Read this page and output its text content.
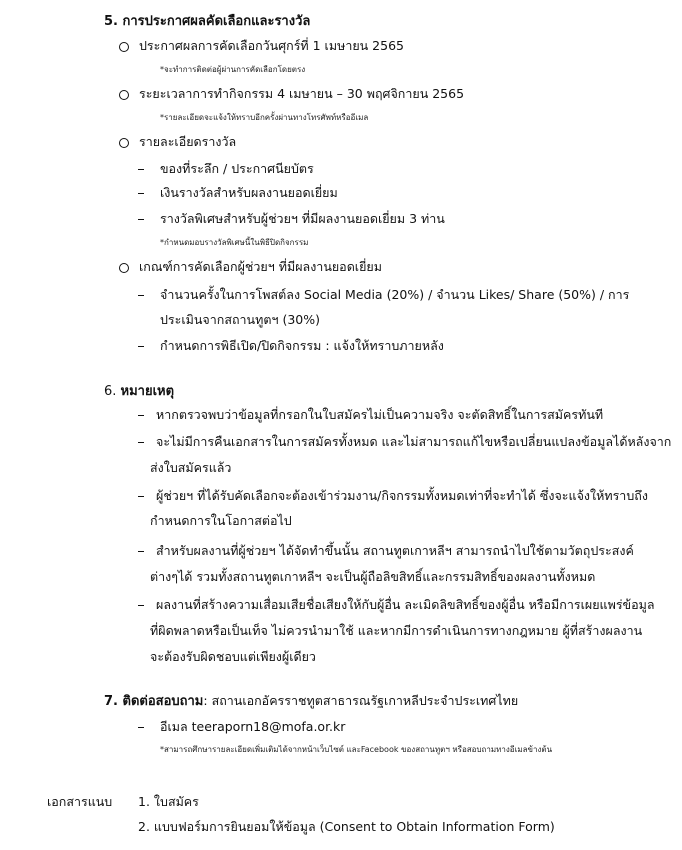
5. การประกาศผลคัดเลือกและรางวัล
ประกาศผลการคัดเลือกวันศุกร์ที่ 1 เมษายน 2565
*จะทำการติดต่อผู้ผ่านการคัดเลือกโดยตรง
ระยะเวลาการทำกิจกรรม 4 เมษายน – 30 พฤศจิกายน 2565
*รายละเอียดจะแจ้งให้ทราบอีกครั้งผ่านทางโทรศัพท์หรืออีเมล
รายละเอียดรางวัล
ของที่ระลึก / ประกาศนียบัตร
เงินรางวัลสำหรับผลงานยอดเยี่ยม
รางวัลพิเศษสำหรับผู้ช่วยฯ ที่มีผลงานยอดเยี่ยม 3 ท่าน
*กำหนดมอบรางวัลพิเศษนี้ในพิธีปิดกิจกรรม
เกณฑ์การคัดเลือกผู้ช่วยฯ ที่มีผลงานยอดเยี่ยม
จำนวนครั้งในการโพสต์ลง Social Media (20%) / จำนวน Likes/ Share (50%) / การ
ประเมินจากสถานทูตฯ (30%)
กำหนดการพิธีเปิด/ปิดกิจกรรม : แจ้งให้ทราบภายหลัง
6. หมายเหตุ
หากตรวจพบว่าข้อมูลที่กรอกในใบสมัครไม่เป็นความจริง จะตัดสิทธิ์ในการสมัครทันที
จะไม่มีการคืนเอกสารในการสมัครทั้งหมด และไม่สามารถแก้ไขหรือเปลี่ยนแปลงข้อมูลได้หลังจาก
ส่งใบสมัครแล้ว
ผู้ช่วยฯ ที่ได้รับคัดเลือกจะต้องเข้าร่วมงาน/กิจกรรมทั้งหมดเท่าที่จะทำได้ ซึ่งจะแจ้งให้ทราบถึง
กำหนดการในโอกาสต่อไป
สำหรับผลงานที่ผู้ช่วยฯ ได้จัดทำขึ้นนั้น สถานทูตเกาหลีฯ สามารถนำไปใช้ตามวัตถุประสงค์
ต่างๆได้ รวมทั้งสถานทูตเกาหลีฯ จะเป็นผู้ถือลิขสิทธิ์และกรรมสิทธิ์ของผลงานทั้งหมด
ผลงานที่สร้างความเสื่อมเสียชื่อเสียงให้กับผู้อื่น ละเมิดลิขสิทธิ์ของผู้อื่น หรือมีการเผยแพร่ข้อมูล
ที่ผิดพลาดหรือเป็นเท็จ ไม่ควรนำมาใช้ และหากมีการดำเนินการทางกฎหมาย ผู้ที่สร้างผลงาน
จะต้องรับผิดชอบแต่เพียงผู้เดียว
7. ติดต่อสอบถาม: สถานเอกอัครราชทูตสาธารณรัฐเกาหลีประจำประเทศไทย
อีเมล teeraporn18@mofa.or.kr
*สามารถศึกษารายละเอียดเพิ่มเติมได้จากหน้าเว็บไซต์ และFacebook ของสถานทูตฯ หรือสอบถามทางอีเมลข้างต้น
เอกสารแนบ 1. ใบสมัคร
2. แบบฟอร์มการยินยอมให้ข้อมูล (Consent to Obtain Information Form)
